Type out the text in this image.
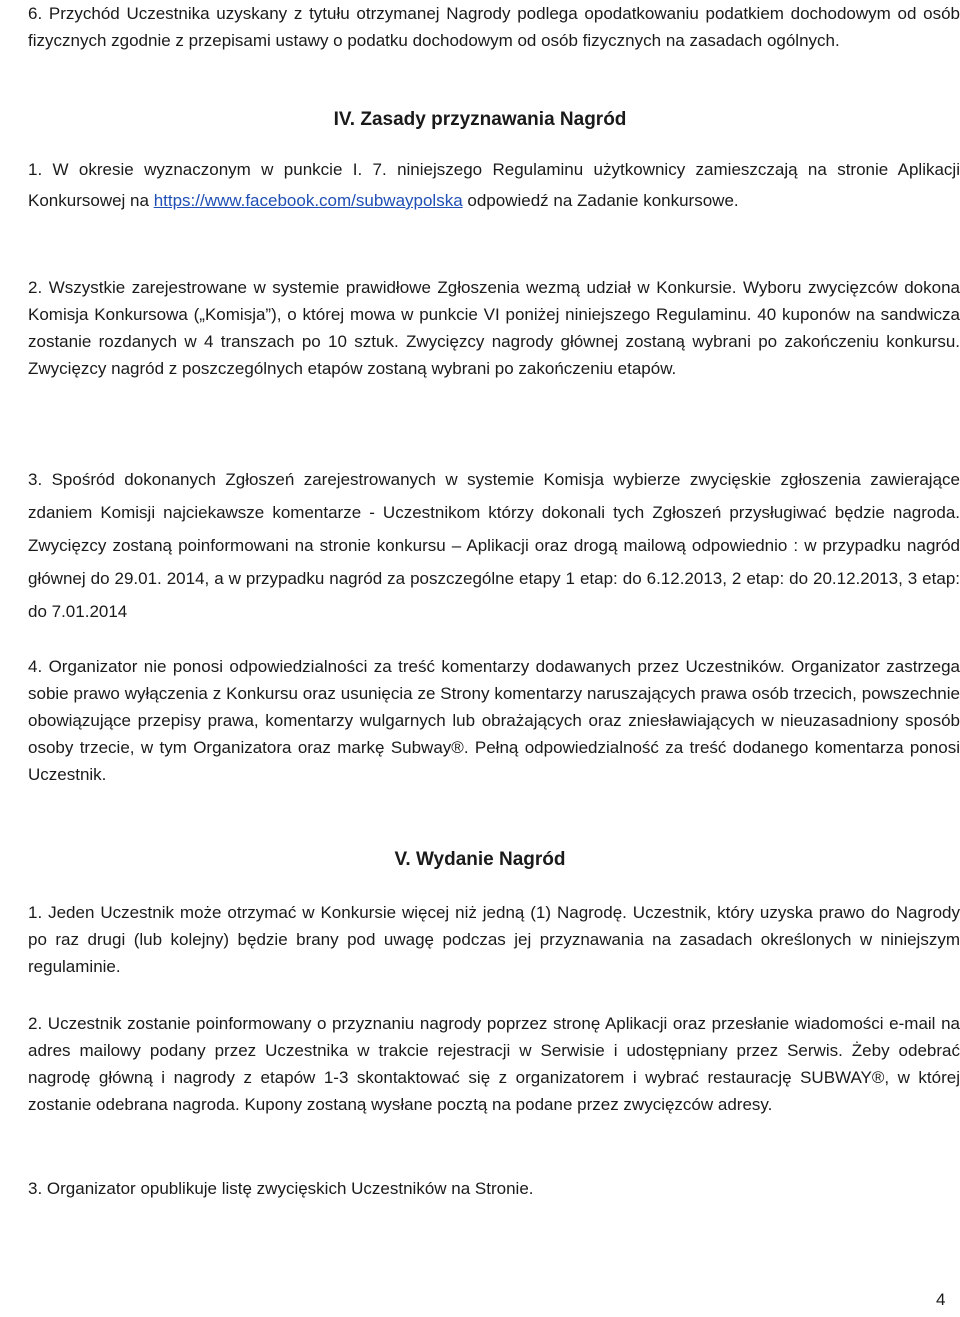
6. Przychód Uczestnika uzyskany z tytułu otrzymanej Nagrody podlega opodatkowaniu podatkiem dochodowym od osób fizycznych zgodnie z przepisami ustawy o podatku dochodowym od osób fizycznych na zasadach ogólnych.

IV. Zasady przyznawania Nagród

1. W okresie wyznaczonym w punkcie I. 7. niniejszego Regulaminu użytkownicy zamieszczają na stronie Aplikacji Konkursowej na https://www.facebook.com/subwaypolska odpowiedź na Zadanie konkursowe.

2. Wszystkie zarejestrowane w systemie prawidłowe Zgłoszenia wezmą udział w Konkursie. Wyboru zwycięzców dokona Komisja Konkursowa („Komisja”), o której mowa w punkcie VI poniżej niniejszego Regulaminu. 40 kuponów na sandwicza zostanie rozdanych w 4 transzach po 10 sztuk. Zwycięzcy nagrody głównej zostaną wybrani po zakończeniu konkursu. Zwycięzcy nagród z poszczególnych etapów zostaną wybrani po zakończeniu etapów.

3. Spośród dokonanych Zgłoszeń zarejestrowanych w systemie Komisja wybierze zwycięskie zgłoszenia zawierające zdaniem Komisji najciekawsze komentarze - Uczestnikom którzy dokonali tych Zgłoszeń przysługiwać będzie nagroda. Zwycięzcy zostaną poinformowani na stronie konkursu – Aplikacji oraz drogą mailową odpowiednio : w przypadku nagród głównej do 29.01. 2014, a w przypadku nagród za poszczególne etapy 1 etap: do 6.12.2013, 2 etap: do 20.12.2013, 3 etap: do 7.01.2014

4. Organizator nie ponosi odpowiedzialności za treść komentarzy dodawanych przez Uczestników. Organizator zastrzega sobie prawo wyłączenia z Konkursu oraz usunięcia ze Strony komentarzy naruszających prawa osób trzecich, powszechnie obowiązujące przepisy prawa, komentarzy wulgarnych lub obrażających oraz zniesławiających w nieuzasadniony sposób osoby trzecie, w tym Organizatora oraz markę Subway®. Pełną odpowiedzialność za treść dodanego komentarza ponosi Uczestnik.

V. Wydanie Nagród

1. Jeden Uczestnik może otrzymać w Konkursie więcej niż jedną (1) Nagrodę. Uczestnik, który uzyska prawo do Nagrody po raz drugi (lub kolejny) będzie brany pod uwagę podczas jej przyznawania na zasadach określonych w niniejszym regulaminie.

2. Uczestnik zostanie poinformowany o przyznaniu nagrody poprzez stronę Aplikacji oraz przesłanie wiadomości e-mail na adres mailowy podany przez Uczestnika w trakcie rejestracji w Serwisie i udostępniany przez Serwis. Żeby odebrać nagrodę główną i nagrody z etapów 1-3 skontaktować się z organizatorem i wybrać restaurację SUBWAY®, w której zostanie odebrana nagroda. Kupony zostaną wysłane pocztą na podane przez zwycięzców adresy.

3. Organizator opublikuje listę zwycięskich Uczestników na Stronie.

4
